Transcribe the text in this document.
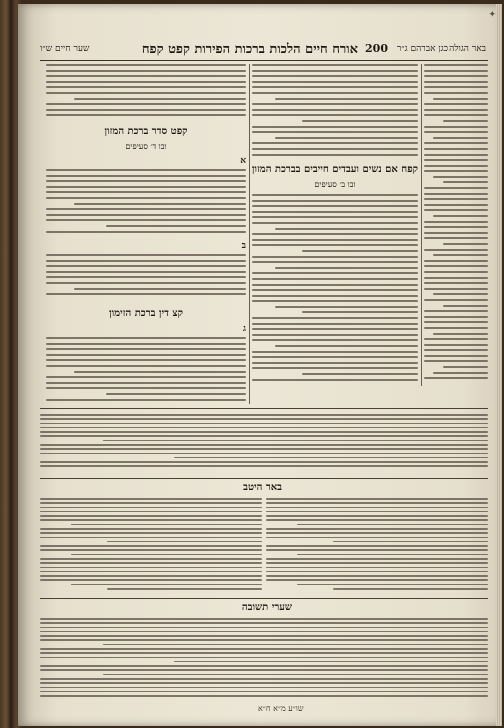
באר הגולה
כגן אברהם ג״ר
200
אורח חיים הלכות ברכות הפירות קפט קפח
שער חיים ש״ו
קפח אם נשים ועבדים חייבים בברכת המזון
ובו ב׳ סעיפים
קפט סדר ברכת המזון
ובו ד׳ סעיפים
א
ב
קצ דין ברכת הזימון
ג
באר היטב
שערי תשובה
שו״ע מ״א ח״א
✦
